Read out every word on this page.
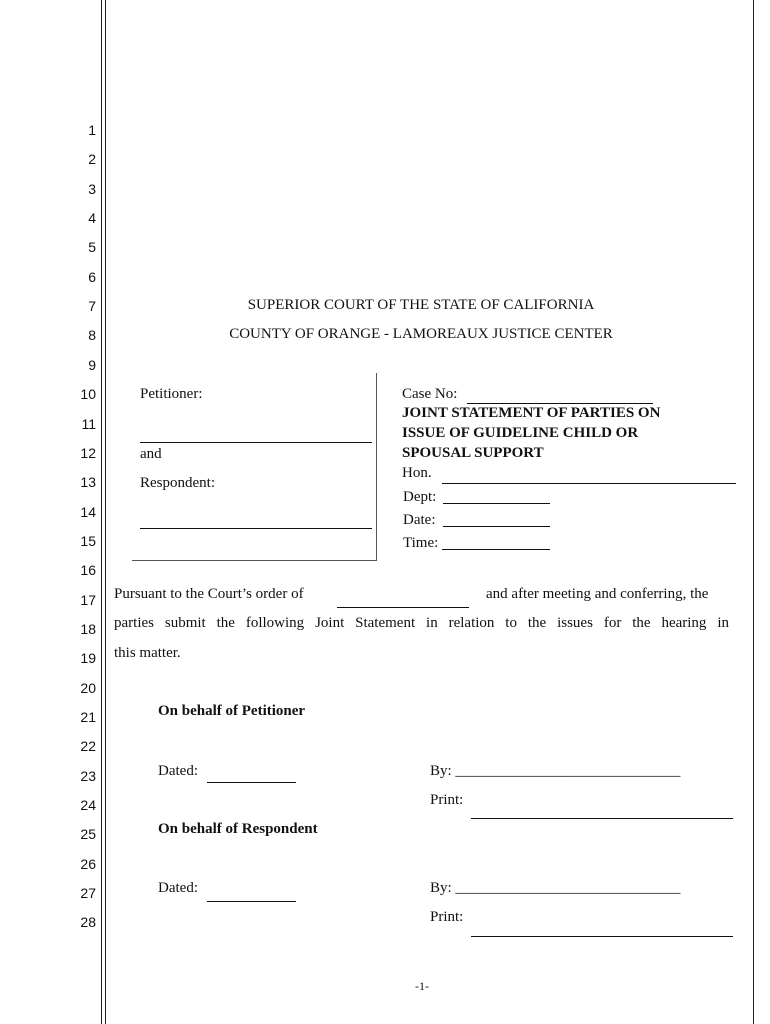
1
2
3
4
5
6
7
8
9
10
11
12
13
14
15
16
17
18
19
20
21
22
23
24
25
26
27
28
SUPERIOR COURT OF THE STATE OF CALIFORNIA
COUNTY OF ORANGE - LAMOREAUX JUSTICE CENTER
Petitioner:
and
Respondent:
Case No:
JOINT STATEMENT OF PARTIES ON
ISSUE OF GUIDELINE CHILD OR
SPOUSAL SUPPORT
Hon.
Dept:
Date:
Time:
Pursuant to the Court’s order of	and after meeting and conferring, the
parties submit the following Joint Statement in relation to the issues for the hearing in
this matter.
On behalf of Petitioner
Dated:	By: ______________________________
Print:
On behalf of Respondent
Dated:	By: ______________________________
Print:
-1-
